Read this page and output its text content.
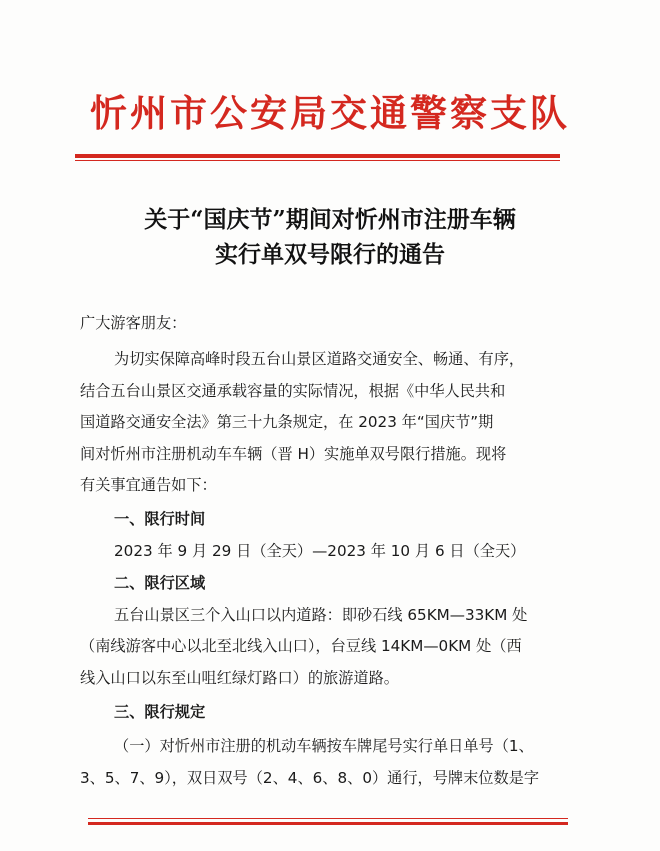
忻州市公安局交通警察支队
关于“国庆节”期间对忻州市注册车辆
实行单双号限行的通告
广大游客朋友：
为切实保障高峰时段五台山景区道路交通安全、畅通、有序，
结合五台山景区交通承载容量的实际情况，根据《中华人民共和
国道路交通安全法》第三十九条规定，在 2023 年“国庆节”期
间对忻州市注册机动车车辆（晋 H）实施单双号限行措施。现将
有关事宜通告如下：
一、限行时间
2023 年 9 月 29 日（全天）—2023 年 10 月 6 日（全天）
二、限行区域
五台山景区三个入山口以内道路：即砂石线 65KM—33KM 处
（南线游客中心以北至北线入山口），台豆线 14KM—0KM 处（西
线入山口以东至山咀红绿灯路口）的旅游道路。
三、限行规定
（一）对忻州市注册的机动车辆按车牌尾号实行单日单号（1、
3、5、7、9），双日双号（2、4、6、8、0）通行，号牌末位数是字
